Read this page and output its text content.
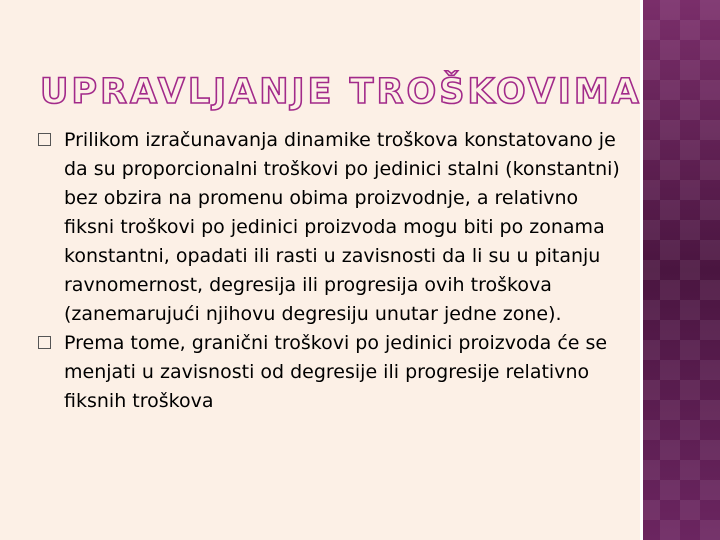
UPRAVLJANJE TROŠKOVIMA
Prilikom izračunavanja dinamike troškova konstatovano je da su proporcionalni troškovi po jedinici stalni (konstantni) bez obzira na promenu obima proizvodnje, a relativno fiksni troškovi po jedinici proizvoda mogu biti po zonama konstantni, opadati ili rasti u zavisnosti da li su u pitanju ravnomernost, degresija ili progresija ovih troškova (zanemarujući njihovu degresiju unutar jedne zone).
Prema tome, granični troškovi po jedinici proizvoda će se menjati u zavisnosti od degresije ili progresije relativno fiksnih troškova
